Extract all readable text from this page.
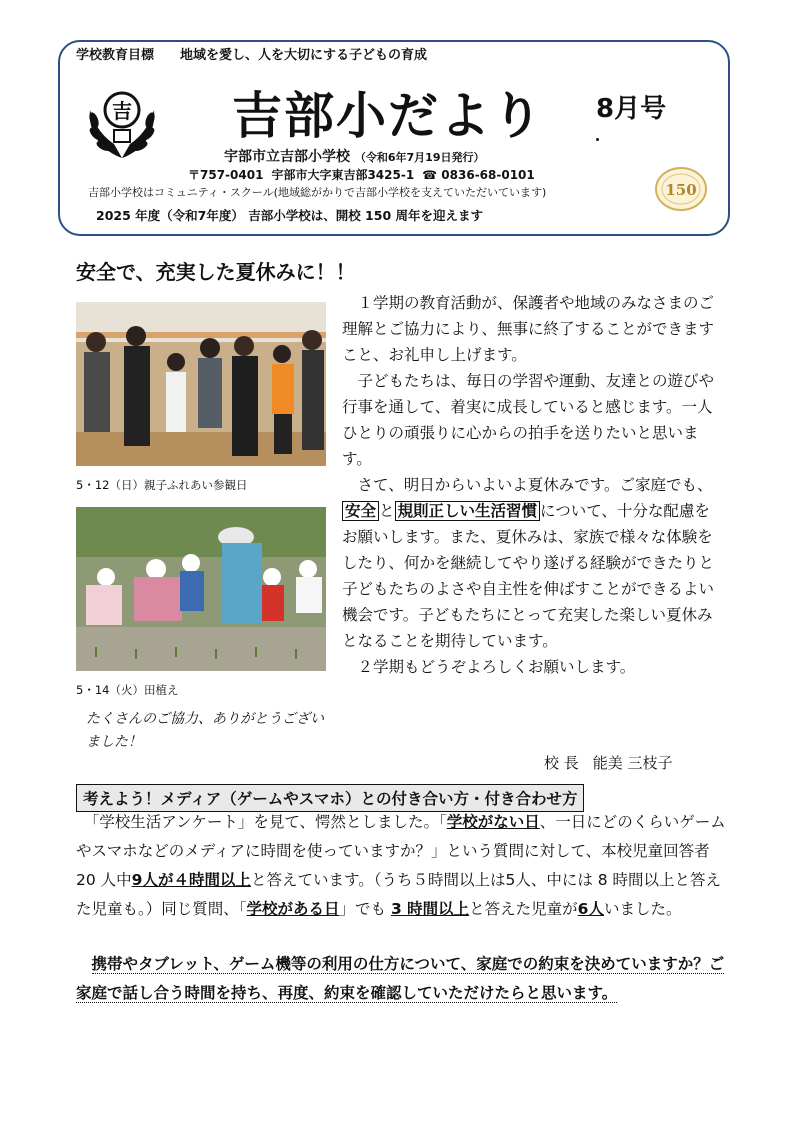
学校教育目標 地域を愛し、人を大切にする子どもの育成
吉 吉部小だより 8月号
宇部市立吉部小学校 （令和6年7月19日発行）
〒757-0401 宇部市大字東吉部3425-1 ☎ 0836-68-0101
吉部小学校はコミュニティ・スクール(地域総がかりで吉部小学校を支えていただいています)
2025 年度（令和7年度） 吉部小学校は、開校 150 周年を迎えます
150
安全で、充実した夏休みに！！
5・12（日）親子ふれあい参観日
5・14（火）田植え
たくさんのご協力、ありがとうございました！

１学期の教育活動が、保護者や地域のみなさまのご理解とご協力により、無事に終了することができますこと、お礼申し上げます。

子どもたちは、毎日の学習や運動、友達との遊びや行事を通して、着実に成長していると感じます。一人ひとりの頑張りに心からの拍手を送りたいと思います。

さて、明日からいよいよ夏休みです。ご家庭でも、安全 と 規則正しい生活習慣 について、十分な配慮をお願いします。また、夏休みは、家族で様々な体験をしたり、何かを継続してやり遂げる経験ができたりと子どもたちのよさや自主性を伸ばすことができるよい機会です。子どもたちにとって充実した楽しい夏休みとなることを期待しています。

２学期もどうぞよろしくお願いします。

校 長 能美 三枝子
考えよう！メディア（ゲームやスマホ）との付き合い方・付き合わせ方

　「学校生活アンケート」を見て、愕然としました。「学校がない日、一日にどのくらいゲームやスマホなどのメディアに時間を使っていますか？」という質問に対して、本校児童回答者 20 人中9人が４時間以上と答えています。（うち５時間以上は5人、中には 8 時間以上と答えた児童も。）同じ質問、「学校がある日」でも 3 時間以上と答えた児童が6人いました。

　携帯やタブレット、ゲーム機等の利用の仕方について、家庭での約束を決めていますか？ご家庭で話し合う時間を持ち、再度、約束を確認していただけたらと思います。
